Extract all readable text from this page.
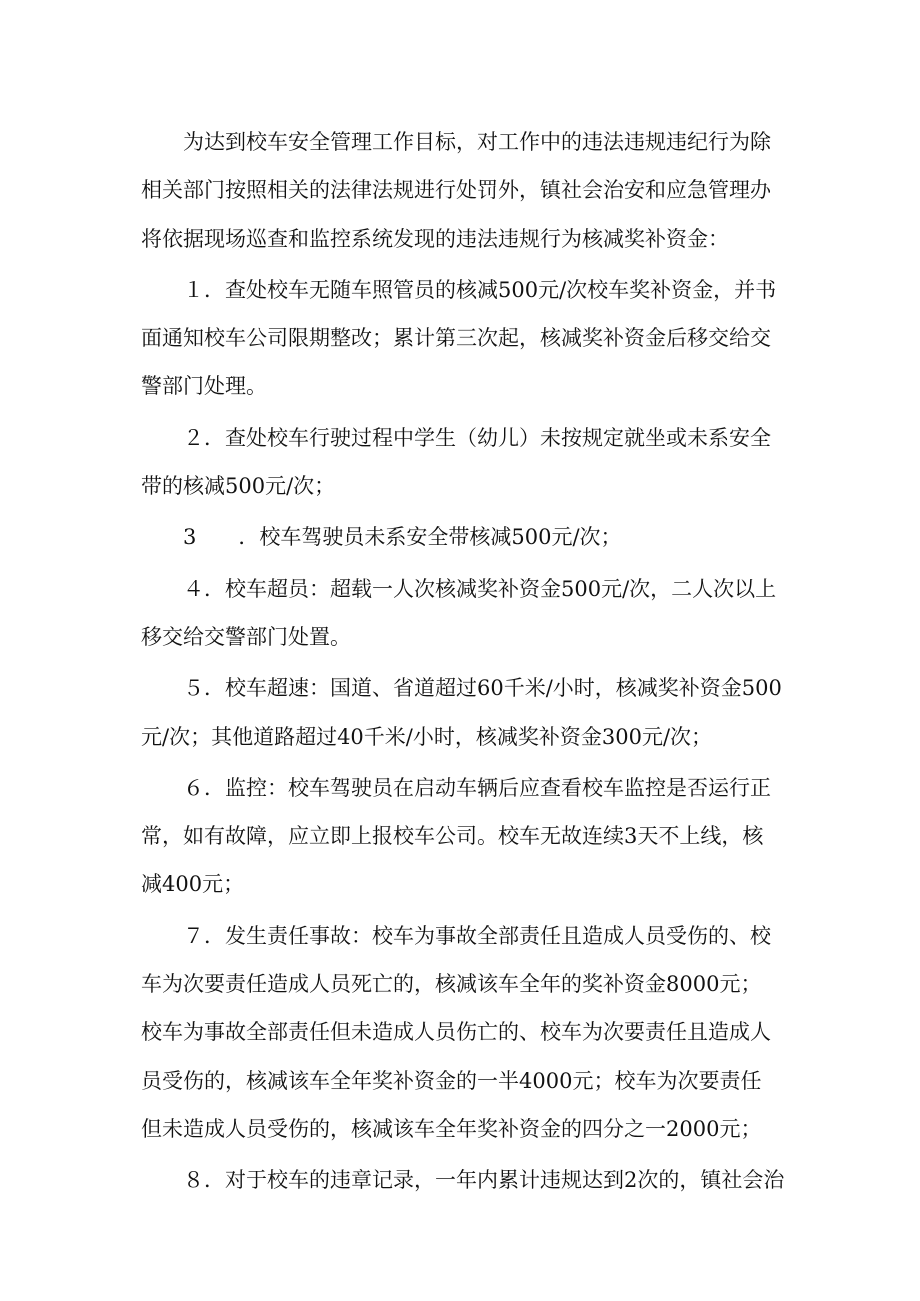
为达到校车安全管理工作目标，对工作中的违法违规违纪行为除
相关部门按照相关的法律法规进行处罚外，镇社会治安和应急管理办
将依据现场巡查和监控系统发现的违法违规行为核减奖补资金：
１．查处校车无随车照管员的核减500元/次校车奖补资金，并书
面通知校车公司限期整改；累计第三次起，核减奖补资金后移交给交
警部门处理。
２．查处校车行驶过程中学生（幼儿）未按规定就坐或未系安全
带的核减500元/次；
3　　．校车驾驶员未系安全带核减500元/次；
４．校车超员：超载一人次核减奖补资金500元/次，二人次以上
移交给交警部门处置。
５．校车超速：国道、省道超过60千米/小时，核减奖补资金500
元/次；其他道路超过40千米/小时，核减奖补资金300元/次；
６．监控：校车驾驶员在启动车辆后应查看校车监控是否运行正
常，如有故障，应立即上报校车公司。校车无故连续3天不上线，核
减400元；
７．发生责任事故：校车为事故全部责任且造成人员受伤的、校
车为次要责任造成人员死亡的，核减该车全年的奖补资金8000元；
校车为事故全部责任但未造成人员伤亡的、校车为次要责任且造成人
员受伤的，核减该车全年奖补资金的一半4000元；校车为次要责任
但未造成人员受伤的，核减该车全年奖补资金的四分之一2000元；
８．对于校车的违章记录，一年内累计违规达到2次的，镇社会治
